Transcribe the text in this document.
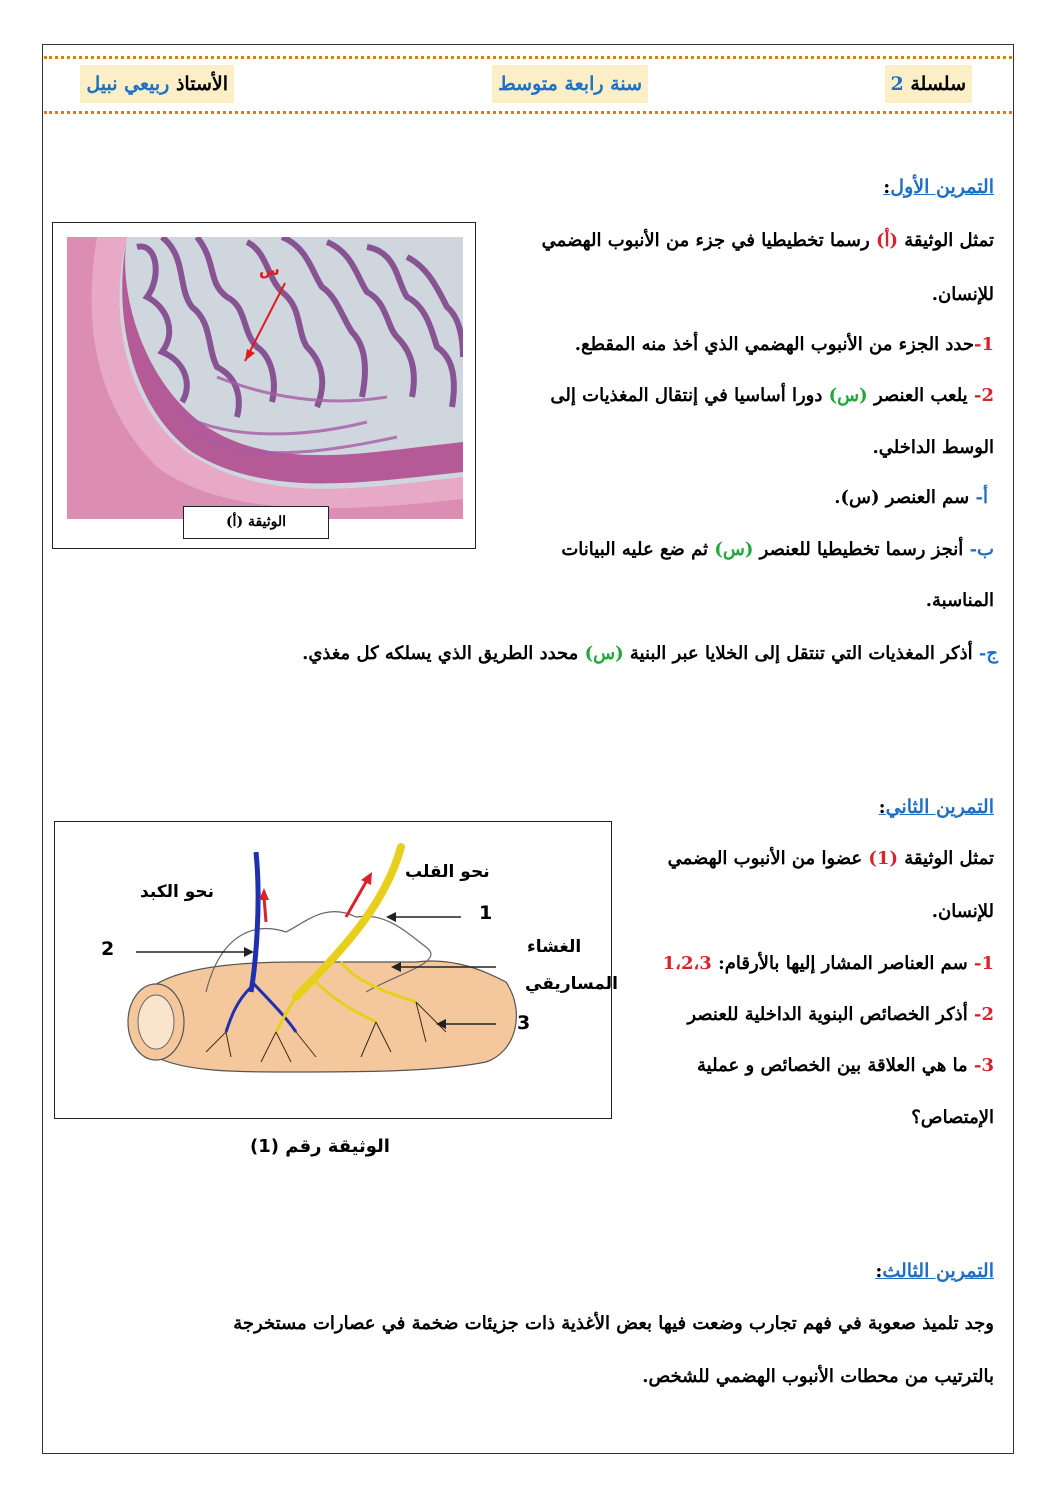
سلسلة 2
سنة رابعة متوسط
الأستاذ ربيعي نبيل
التمرين الأول:
تمثل الوثيقة (أ) رسما تخطيطيا في جزء من الأنبوب الهضمي
للإنسان.
1-حدد الجزء من الأنبوب الهضمي الذي أخذ منه المقطع.
2- يلعب العنصر (س) دورا أساسيا في إنتقال المغذيات إلى
الوسط الداخلي.
أ- سم العنصر (س).
ب- أنجز رسما تخطيطيا للعنصر (س) ثم ضع عليه البيانات
المناسبة.
ج- أذكر المغذيات التي تنتقل إلى الخلايا عبر البنية (س) محدد الطريق الذي يسلكه كل مغذي.
س
الوثيقة (أ)
التمرين الثاني:
تمثل الوثيقة (1) عضوا من الأنبوب الهضمي
للإنسان.
1- سم العناصر المشار إليها بالأرقام: 1،2،3
2- أذكر الخصائص البنوية الداخلية للعنصر
3- ما هي العلاقة بين الخصائص و عملية
الإمتصاص؟
نحو القلب
نحو الكبد
الغشاء
المساريقي
1
2
3
الوثيقة رقم (1)
التمرين الثالث:
وجد تلميذ صعوبة في فهم تجارب وضعت فيها بعض الأغذية ذات جزيئات ضخمة في عصارات مستخرجة
بالترتيب من محطات الأنبوب الهضمي للشخص.
